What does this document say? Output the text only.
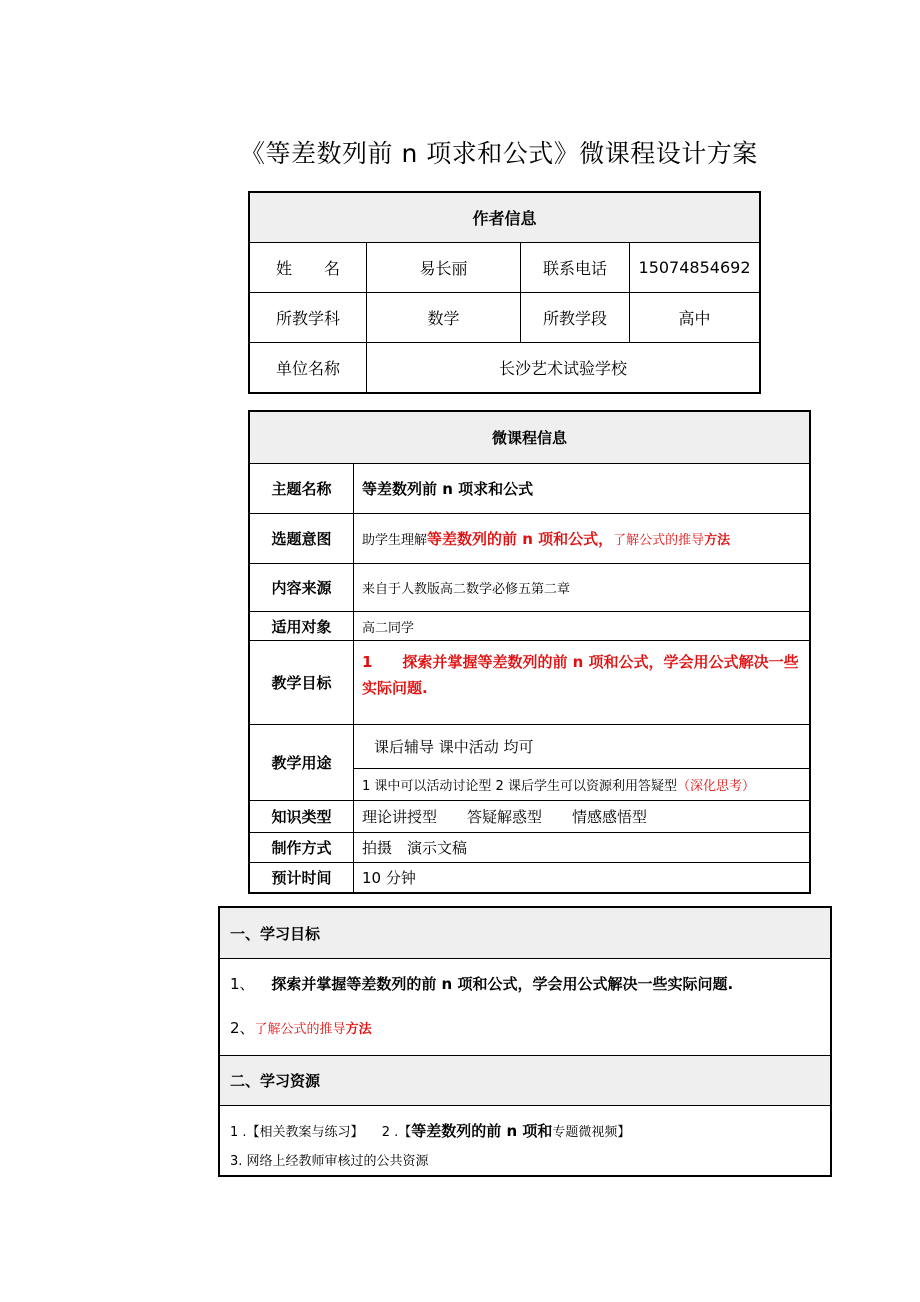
《等差数列前 n 项求和公式》微课程设计方案
作者信息			
姓　　名	易长丽	联系电话	15074854692
所教学科	数学	所教学段	高中
单位名称	长沙艺术试验学校		
微课程信息	
主题名称	等差数列前 n 项求和公式
选题意图	助学生理解等差数列的前 n 项和公式，了解公式的推导方法
内容来源	来自于人教版高二数学必修五第二章
适用对象	高二同学
教学目标	1　　探索并掌握等差数列的前 n 项和公式，学会用公式解决一些实际问题.
教学用途	课后辅导 课中活动 均可
	1 课中可以活动讨论型 2 课后学生可以资源利用答疑型（深化思考）
知识类型	理论讲授型　　答疑解惑型　　情感感悟型
制作方式	拍摄　演示文稿
预计时间	10 分钟
一、学习目标

1、 探索并掌握等差数列的前 n 项和公式，学会用公式解决一些实际问题.
2、了解公式的推导方法

二、学习资源

1 .【相关教案与练习】 2 .【等差数列的前 n 项和专题微视频】
3. 网络上经教师审核过的公共资源
